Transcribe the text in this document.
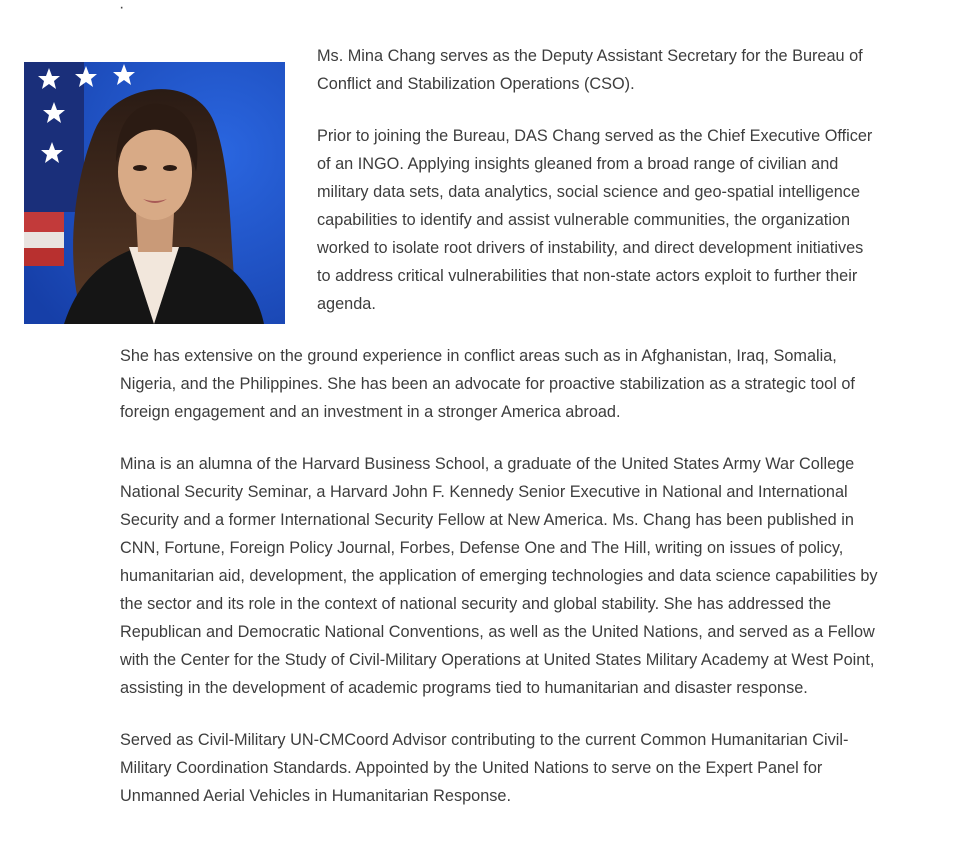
·

Ms. Mina Chang serves as the Deputy Assistant Secretary for the Bureau of Conflict and Stabilization Operations (CSO).

Prior to joining the Bureau, DAS Chang served as the Chief Executive Officer of an INGO. Applying insights gleaned from a broad range of civilian and military data sets, data analytics, social science and geo-spatial intelligence capabilities to identify and assist vulnerable communities, the organization worked to isolate root drivers of instability, and direct development initiatives to address critical vulnerabilities that non-state actors exploit to further their agenda.

She has extensive on the ground experience in conflict areas such as in Afghanistan, Iraq, Somalia, Nigeria, and the Philippines. She has been an advocate for proactive stabilization as a strategic tool of foreign engagement and an investment in a stronger America abroad.

Mina is an alumna of the Harvard Business School, a graduate of the United States Army War College National Security Seminar, a Harvard John F. Kennedy Senior Executive in National and International Security and a former International Security Fellow at New America. Ms. Chang has been published in CNN, Fortune, Foreign Policy Journal, Forbes, Defense One and The Hill, writing on issues of policy, humanitarian aid, development, the application of emerging technologies and data science capabilities by the sector and its role in the context of national security and global stability. She has addressed the Republican and Democratic National Conventions, as well as the United Nations, and served as a Fellow with the Center for the Study of Civil-Military Operations at United States Military Academy at West Point, assisting in the development of academic programs tied to humanitarian and disaster response.

Served as Civil-Military UN-CMCoord Advisor contributing to the current Common Humanitarian Civil-Military Coordination Standards. Appointed by the United Nations to serve on the Expert Panel for Unmanned Aerial Vehicles in Humanitarian Response.
